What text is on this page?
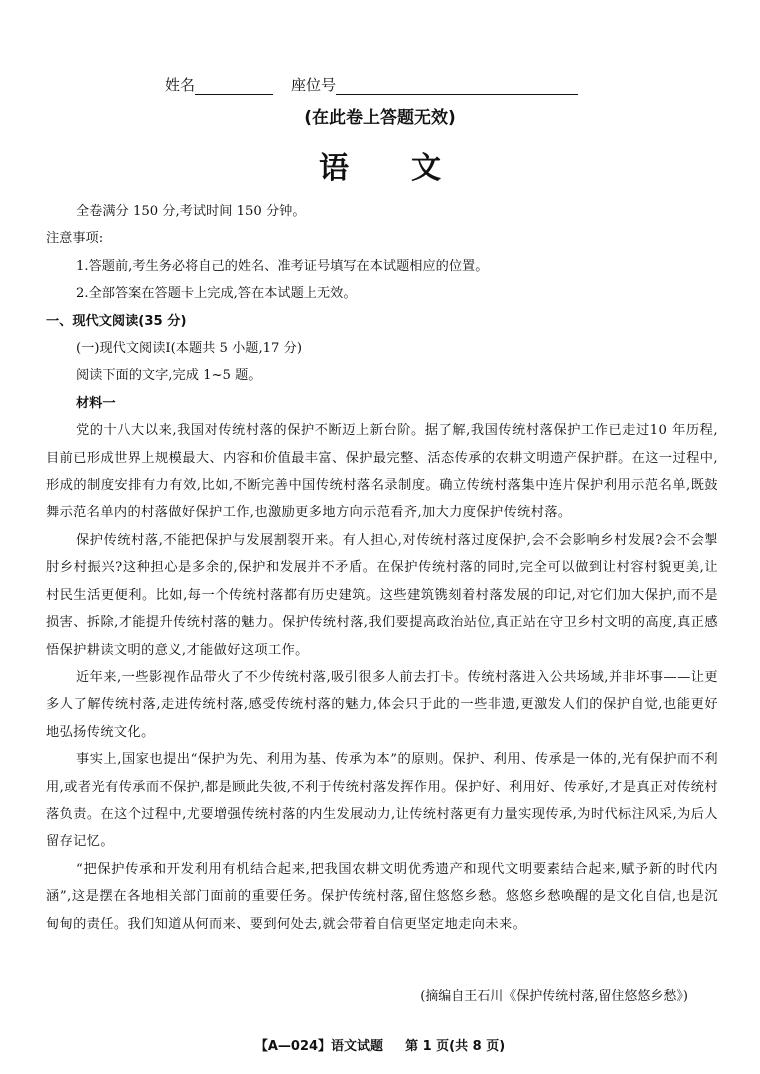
姓名	座位号
(在此卷上答题无效)
语文

全卷满分 150 分,考试时间 150 分钟。

注意事项:

1.答题前,考生务必将自己的姓名、准考证号填写在本试题相应的位置。

2.全部答案在答题卡上完成,答在本试题上无效。

一、现代文阅读(35 分)

(一)现代文阅读Ⅰ(本题共 5 小题,17 分)

阅读下面的文字,完成 1~5 题。

材料一

党的十八大以来,我国对传统村落的保护不断迈上新台阶。据了解,我国传统村落保护工作已走过10 年历程,目前已形成世界上规模最大、内容和价值最丰富、保护最完整、活态传承的农耕文明遗产保护群。在这一过程中,形成的制度安排有力有效,比如,不断完善中国传统村落名录制度。确立传统村落集中连片保护利用示范名单,既鼓舞示范名单内的村落做好保护工作,也激励更多地方向示范看齐,加大力度保护传统村落。

保护传统村落,不能把保护与发展割裂开来。有人担心,对传统村落过度保护,会不会影响乡村发展?会不会掣肘乡村振兴?这种担心是多余的,保护和发展并不矛盾。在保护传统村落的同时,完全可以做到让村容村貌更美,让村民生活更便利。比如,每一个传统村落都有历史建筑。这些建筑镌刻着村落发展的印记,对它们加大保护,而不是损害、拆除,才能提升传统村落的魅力。保护传统村落,我们要提高政治站位,真正站在守卫乡村文明的高度,真正感悟保护耕读文明的意义,才能做好这项工作。

近年来,一些影视作品带火了不少传统村落,吸引很多人前去打卡。传统村落进入公共场域,并非坏事——让更多人了解传统村落,走进传统村落,感受传统村落的魅力,体会只于此的一些非遗,更激发人们的保护自觉,也能更好地弘扬传统文化。

事实上,国家也提出“保护为先、利用为基、传承为本”的原则。保护、利用、传承是一体的,光有保护而不利用,或者光有传承而不保护,都是顾此失彼,不利于传统村落发挥作用。保护好、利用好、传承好,才是真正对传统村落负责。在这个过程中,尤要增强传统村落的内生发展动力,让传统村落更有力量实现传承,为时代标注风采,为后人留存记忆。

“把保护传承和开发利用有机结合起来,把我国农耕文明优秀遗产和现代文明要素结合起来,赋予新的时代内涵”,这是摆在各地相关部门面前的重要任务。保护传统村落,留住悠悠乡愁。悠悠乡愁唤醒的是文化自信,也是沉甸甸的责任。我们知道从何而来、要到何处去,就会带着自信更坚定地走向未来。

(摘编自王石川《保护传统村落,留住悠悠乡愁》)
【A—024】语文试题 第 1 页(共 8 页)
